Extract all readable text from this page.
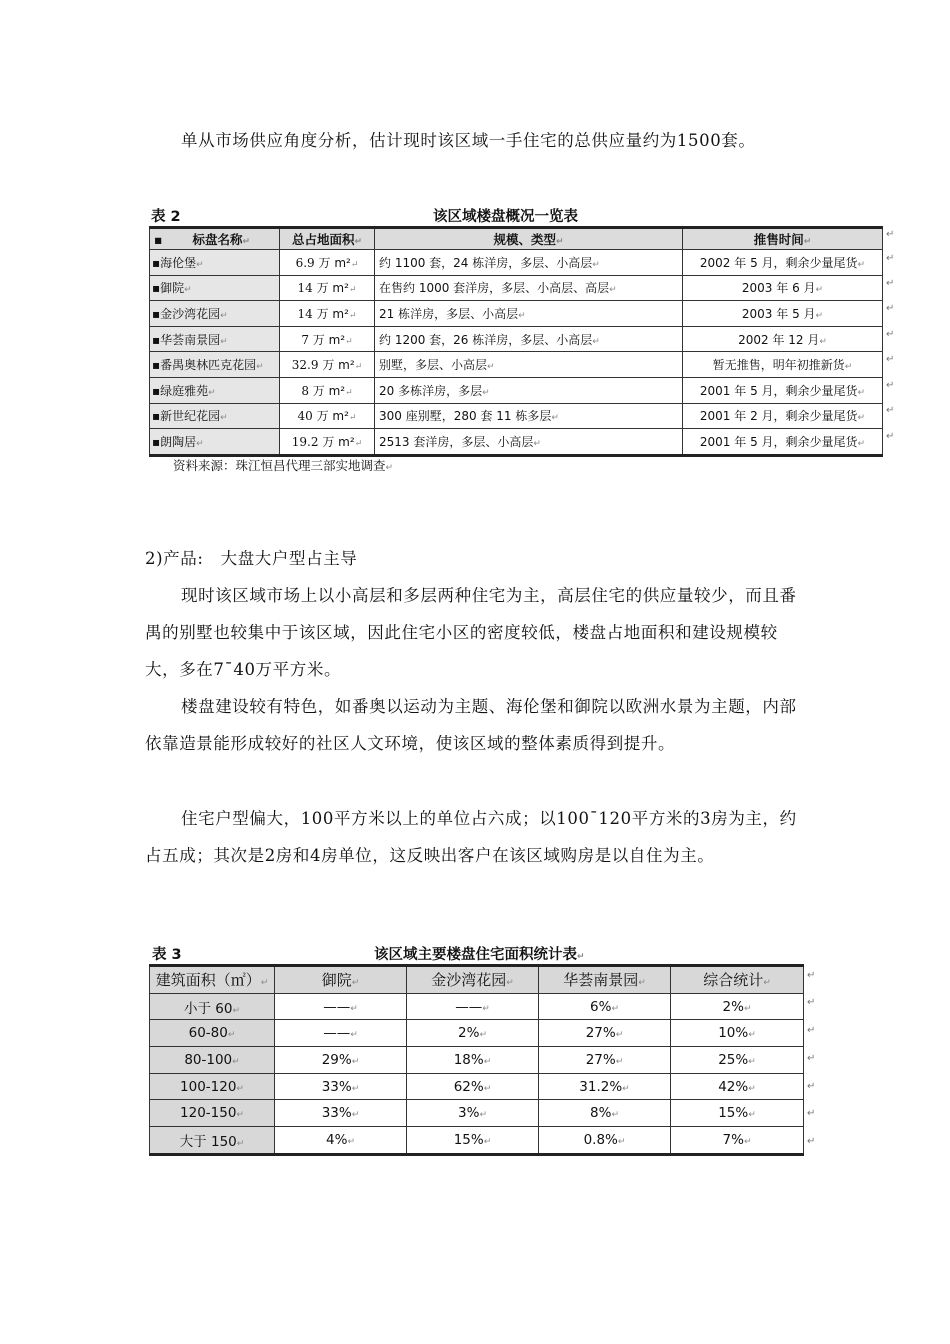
单从市场供应角度分析，估计现时该区域一手住宅的总供应量约为1500套。

表 2	该区域楼盘概况一览表
▪ 标盘名称↵	总占地面积↵	规模、类型↵	推售时间↵
▪海伦堡↵	6.9 万 m²↵	约 1100 套，24 栋洋房，多层、小高层↵	2002 年 5 月，剩余少量尾货↵
▪御院↵	14 万 m²↵	在售约 1000 套洋房，多层、小高层、高层↵	2003 年 6 月↵
▪金沙湾花园↵	14 万 m²↵	21 栋洋房，多层、小高层↵	2003 年 5 月↵
▪华荟南景园↵	7 万 m²↵	约 1200 套，26 栋洋房，多层、小高层↵	2002 年 12 月↵
▪番禺奥林匹克花园↵	32.9 万 m²↵	别墅，多层、小高层↵	暂无推售，明年初推新货↵
▪绿庭雅苑↵	8 万 m²↵	20 多栋洋房，多层↵	2001 年 5 月，剩余少量尾货↵
▪新世纪花园↵	40 万 m²↵	300 座别墅，280 套 11 栋多层↵	2001 年 2 月，剩余少量尾货↵
▪朗陶居↵	19.2 万 m²↵	2513 套洋房，多层、小高层↵	2001 年 5 月，剩余少量尾货↵
↵
↵
↵
↵
↵
↵
↵
↵
↵
资料来源：珠江恒昌代理三部实地调查↵

2)产品:　大盘大户型占主导

现时该区域市场上以小高层和多层两种住宅为主，高层住宅的供应量较少，而且番禺的别墅也较集中于该区域，因此住宅小区的密度较低，楼盘占地面积和建设规模较大，多在7¯40万平方米。

楼盘建设较有特色，如番奥以运动为主题、海伦堡和御院以欧洲水景为主题，内部依靠造景能形成较好的社区人文环境，使该区域的整体素质得到提升。

住宅户型偏大，100平方米以上的单位占六成；以100¯120平方米的3房为主，约占五成；其次是2房和4房单位，这反映出客户在该区域购房是以自住为主。

表 3	该区域主要楼盘住宅面积统计表↵
建筑面积（㎡）↵	御院↵	金沙湾花园↵	华荟南景园↵	综合统计↵
小于 60↵	——↵	——↵	6%↵	2%↵
60-80↵	——↵	2%↵	27%↵	10%↵
80-100↵	29%↵	18%↵	27%↵	25%↵
100-120↵	33%↵	62%↵	31.2%↵	42%↵
120-150↵	33%↵	3%↵	8%↵	15%↵
大于 150↵	4%↵	15%↵	0.8%↵	7%↵
↵
↵
↵
↵
↵
↵
↵
